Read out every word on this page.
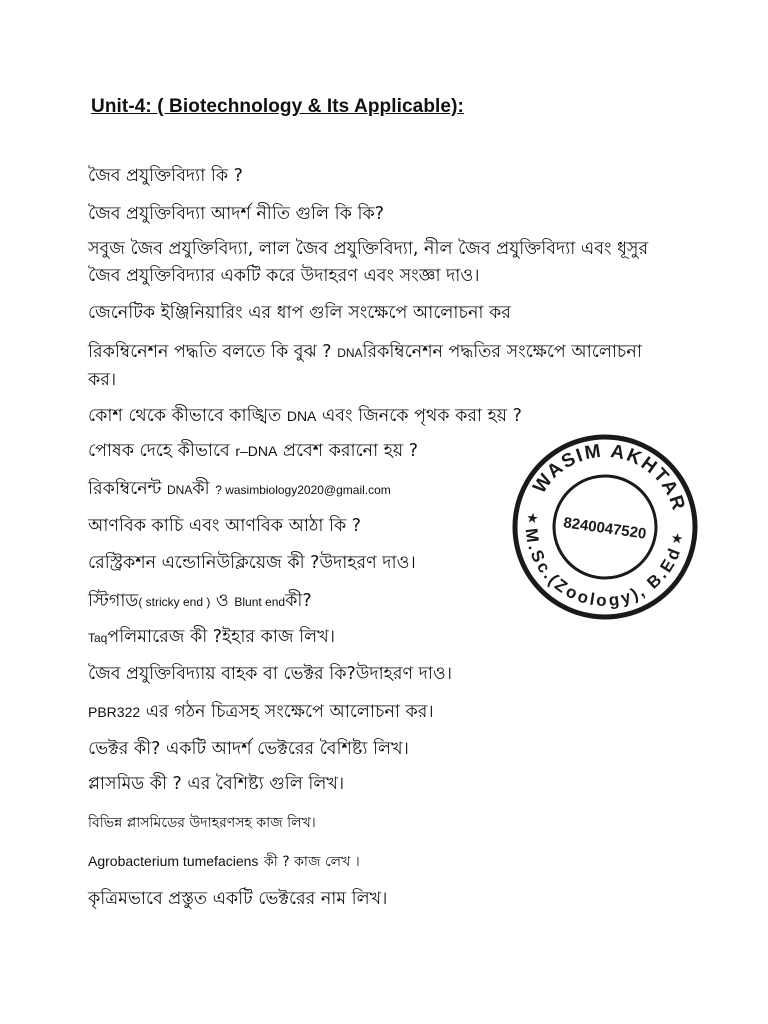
Unit-4: ( Biotechnology & Its Applicable):
জৈব প্রযুক্তিবিদ্যা কি ?
জৈব প্রযুক্তিবিদ্যা আদর্শ নীতি গুলি কি কি?
সবুজ জৈব প্রযুক্তিবিদ্যা, লাল জৈব প্রযুক্তিবিদ্যা, নীল জৈব প্রযুক্তিবিদ্যা এবং ধূসুর জৈব প্রযুক্তিবিদ্যার একটি করে উদাহরণ এবং সংজ্ঞা দাও।
জেনেটিক ইঞ্জিনিয়ারিং এর ধাপ গুলি সংক্ষেপে আলোচনা কর
রিকম্বিনেশন পদ্ধতি বলতে কি বুঝ ? DNAরিকম্বিনেশন পদ্ধতির সংক্ষেপে আলোচনা কর।
কোশ থেকে কীভাবে কাঙ্খিত DNA এবং জিনকে পৃথক করা হয় ?
পোষক দেহে কীভাবে r–DNA প্রবেশ করানো হয় ?
রিকম্বিনেন্ট DNAকী ? wasimbiology2020@gmail.com
আণবিক কাচি এবং আণবিক আঠা কি ?
রেস্ট্রিকশন এন্ডোনিউক্লিয়েজ কী ?উদাহরণ দাও।
স্টিগাড( stricky end ) ও Blunt endকী?
Taqপলিমারেজ কী ?ইহার কাজ লিখ।
জৈব প্রযুক্তিবিদ্যায় বাহক বা ভেক্টর কি?উদাহরণ দাও।
PBR322 এর গঠন চিত্রসহ সংক্ষেপে আলোচনা কর।
ভেক্টর কী? একটি আদর্শ ভেক্টরের বৈশিষ্ট্য লিখ।
প্লাসমিড কী ? এর বৈশিষ্ট্য গুলি লিখ।
বিভিন্ন প্লাসমিডের উদাহরণসহ কাজ লিখ।
Agrobacterium tumefaciens কী ? কাজ লেখ ।
কৃত্রিমভাবে প্রস্তুত একটি ভেক্টরের নাম লিখ।
WASIM AKHTAR
M.Sc.(Zoology), B.Ed
8240047520
★
★
